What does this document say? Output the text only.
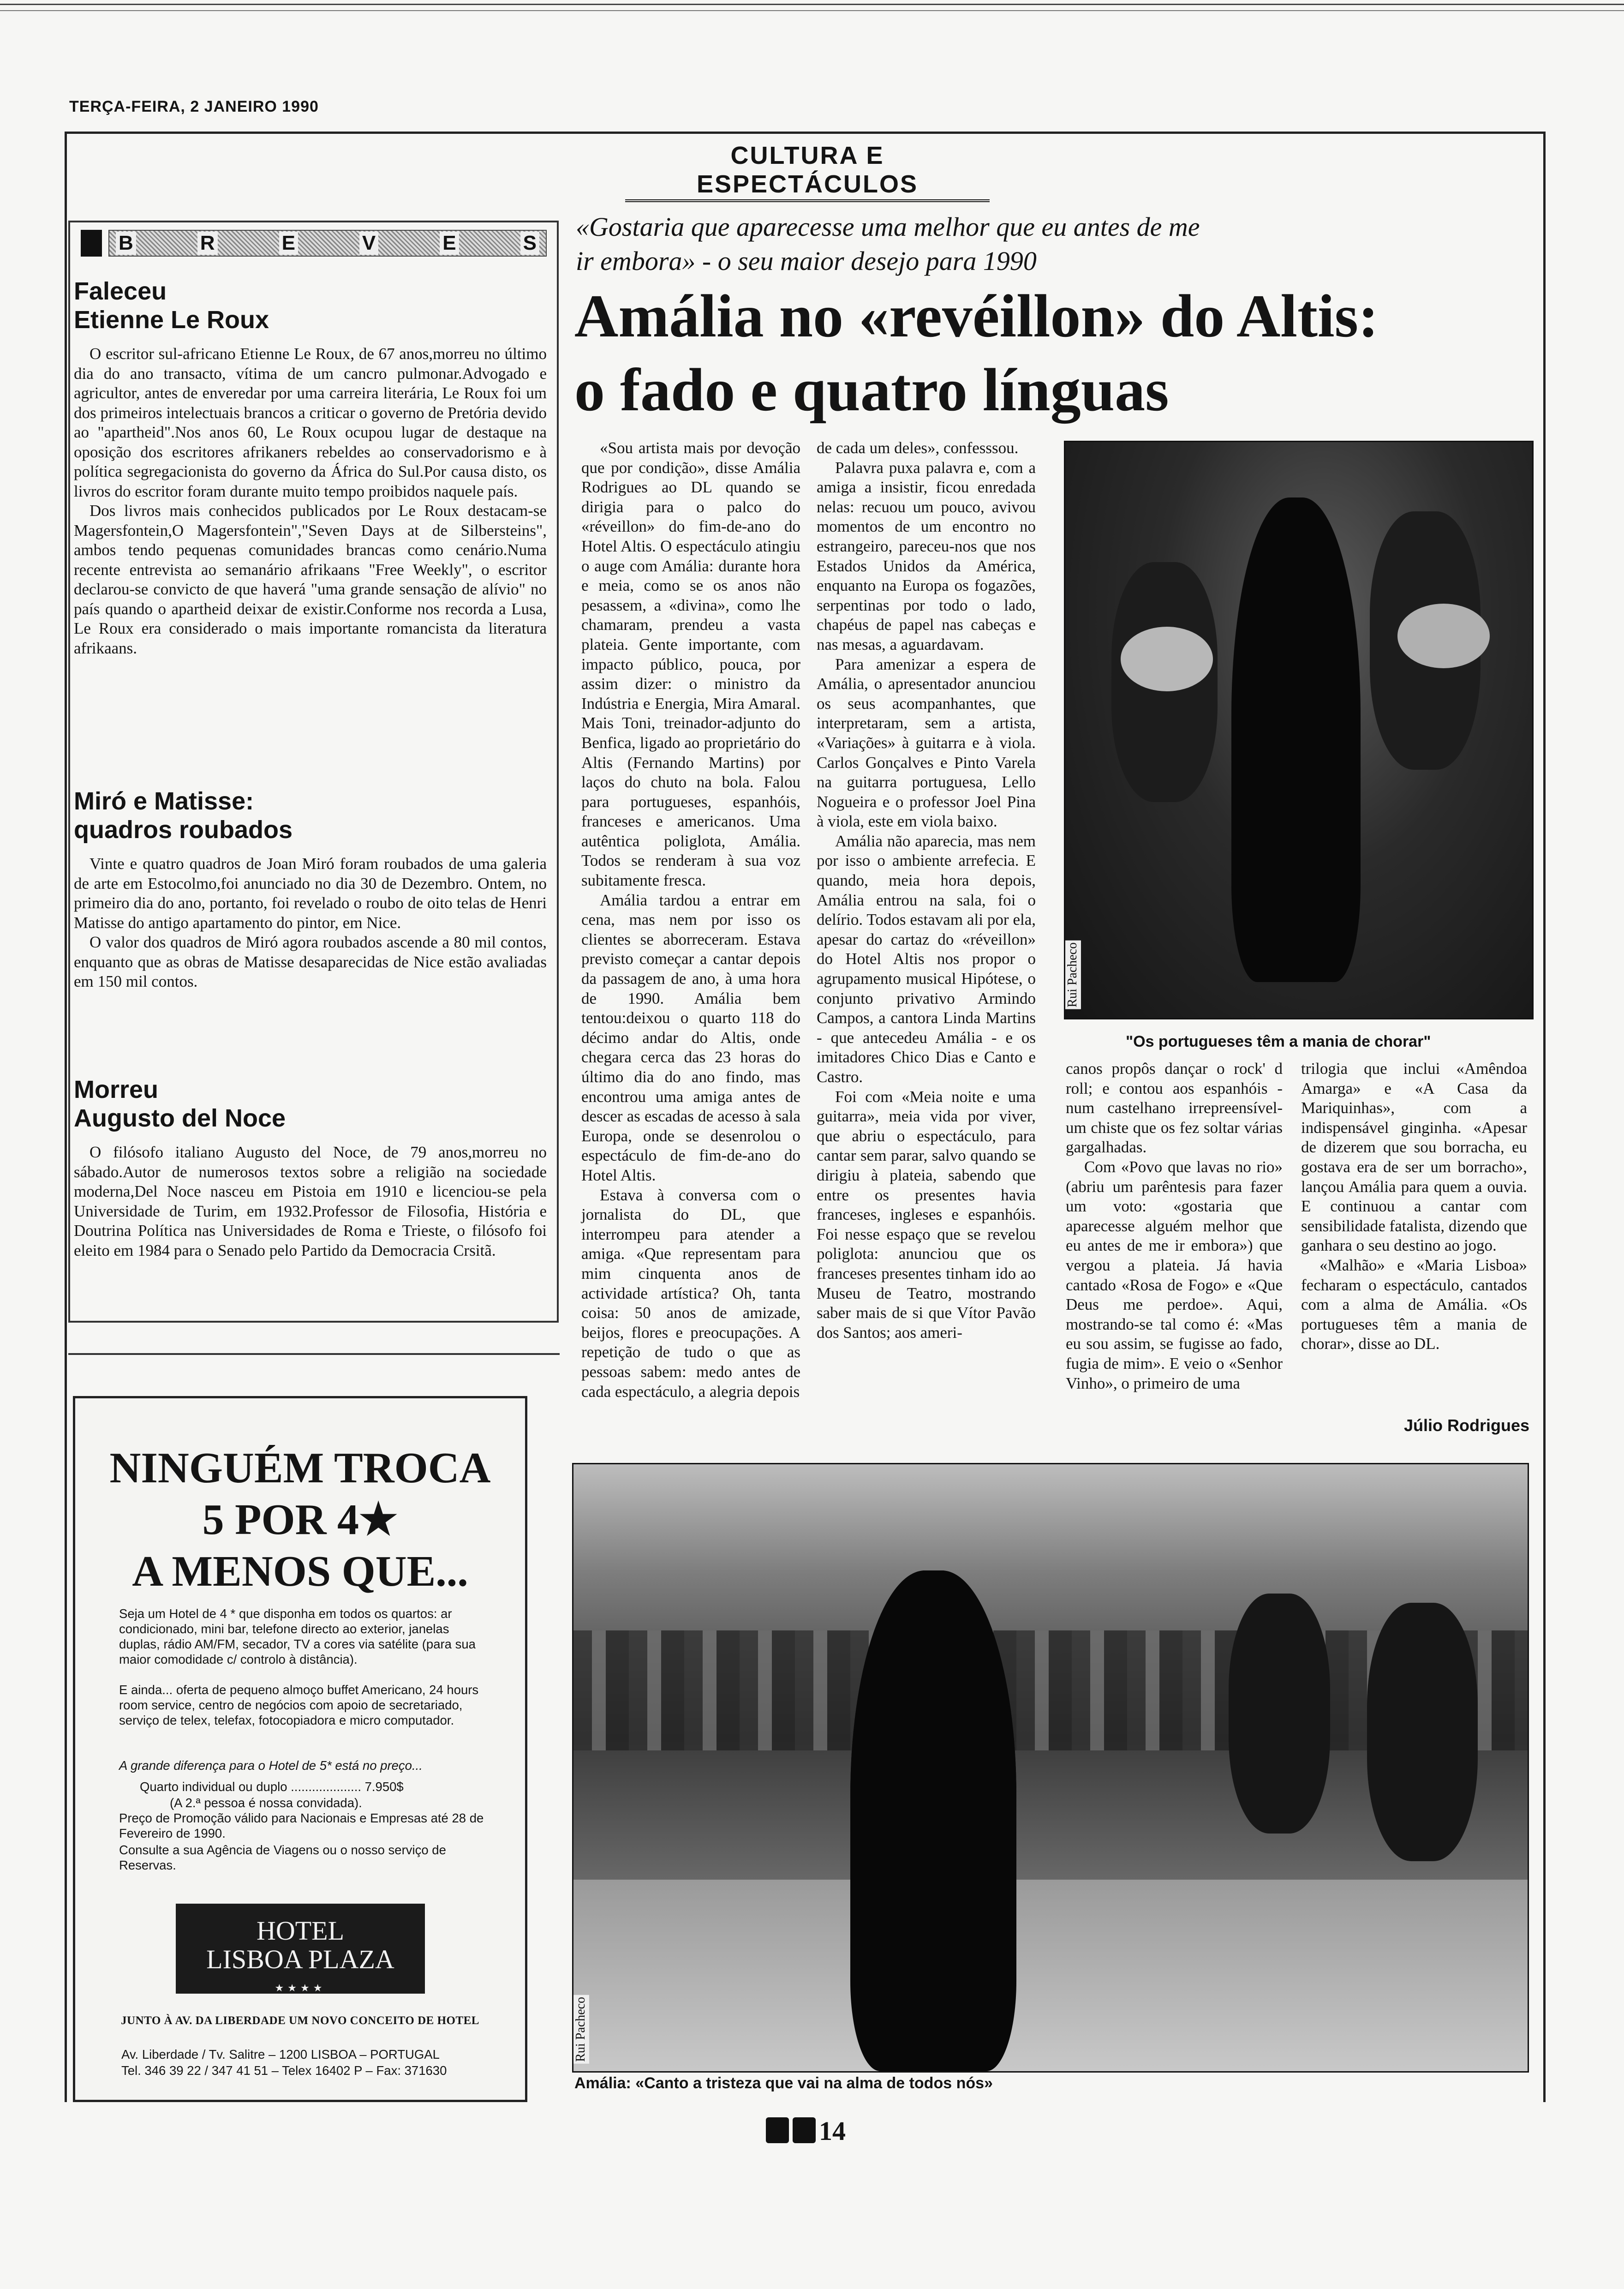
TERÇA-FEIRA, 2 JANEIRO 1990
CULTURA E ESPECTÁCULOS
B	R	E	V	E	S
Faleceu
Etienne Le Roux

O escritor sul-africano Etienne Le Roux, de 67 anos,morreu no último dia do ano transacto, vítima de um cancro pulmonar.Advogado e agricultor, antes de enveredar por uma carreira literária, Le Roux foi um dos primeiros intelectuais brancos a criticar o governo de Pretória devido ao "apartheid".Nos anos 60, Le Roux ocupou lugar de destaque na oposição dos escritores afrikaners rebeldes ao conservadorismo e à política segregacionista do governo da África do Sul.Por causa disto, os livros do escritor foram durante muito tempo proibidos naquele país.

Dos livros mais conhecidos publicados por Le Roux destacam-se Magersfontein,O Magersfontein","Seven Days at de Silbersteins", ambos tendo pequenas comunidades brancas como cenário.Numa recente entrevista ao semanário afrikaans "Free Weekly", o escritor declarou-se convicto de que haverá "uma grande sensação de alívio" no país quando o apartheid deixar de existir.Conforme nos recorda a Lusa, Le Roux era considerado o mais importante romancista da literatura afrikaans.

Miró e Matisse:
quadros roubados

Vinte e quatro quadros de Joan Miró foram roubados de uma galeria de arte em Estocolmo,foi anunciado no dia 30 de Dezembro. Ontem, no primeiro dia do ano, portanto, foi revelado o roubo de oito telas de Henri Matisse do antigo apartamento do pintor, em Nice.

O valor dos quadros de Miró agora roubados ascende a 80 mil contos, enquanto que as obras de Matisse desaparecidas de Nice estão avaliadas em 150 mil contos.

Morreu
Augusto del Noce

O filósofo italiano Augusto del Noce, de 79 anos,morreu no sábado.Autor de numerosos textos sobre a religião na sociedade moderna,Del Noce nasceu em Pistoia em 1910 e licenciou-se pela Universidade de Turim, em 1932.Professor de Filosofia, História e Doutrina Política nas Universidades de Roma e Trieste, o filósofo foi eleito em 1984 para o Senado pelo Partido da Democracia Crsitã.

NINGUÉM TROCA
5 POR 4★
A MENOS QUE...
Seja um Hotel de 4 * que disponha em todos os quartos: ar condicionado, mini bar, telefone directo ao exterior, janelas duplas, rádio AM/FM, secador, TV a cores via satélite (para sua maior comodidade c/ controlo à distância).
E ainda... oferta de pequeno almoço buffet Americano, 24 hours room service, centro de negócios com apoio de secretariado, serviço de telex, telefax, fotocopiadora e micro computador.
A grande diferença para o Hotel de 5* está no preço...
Quarto individual ou duplo .................... 7.950$
(A 2.ª pessoa é nossa convidada).
Preço de Promoção válido para Nacionais e Empresas até 28 de Fevereiro de 1990.
Consulte a sua Agência de Viagens ou o nosso serviço de Reservas.
HOTEL
LISBOA PLAZA
★★★★
JUNTO À AV. DA LIBERDADE UM NOVO CONCEITO DE HOTEL
Av. Liberdade / Tv. Salitre – 1200 LISBOA – PORTUGAL
Tel. 346 39 22 / 347 41 51 – Telex 16402 P – Fax: 371630
«Gostaria que aparecesse uma melhor que eu antes de me ir embora» - o seu maior desejo para 1990
Amália no «revéillon» do Altis:
o fado e quatro línguas

«Sou artista mais por devoção que por condição», disse Amália Rodrigues ao DL quando se dirigia para o palco do «réveillon» do fim-de-ano do Hotel Altis. O espectáculo atingiu o auge com Amália: durante hora e meia, como se os anos não pesassem, a «divina», como lhe chamaram, prendeu a vasta plateia. Gente importante, com impacto público, pouca, por assim dizer: o ministro da Indústria e Energia, Mira Amaral. Mais Toni, treinador-adjunto do Benfica, ligado ao proprietário do Altis (Fernando Martins) por laços do chuto na bola. Falou para portugueses, espanhóis, franceses e americanos. Uma autêntica poliglota, Amália. Todos se renderam à sua voz subitamente fresca.

Amália tardou a entrar em cena, mas nem por isso os clientes se aborreceram. Estava previsto começar a cantar depois da passagem de ano, à uma hora de 1990. Amália bem tentou:deixou o quarto 118 do décimo andar do Altis, onde chegara cerca das 23 horas do último dia do ano findo, mas encontrou uma amiga antes de descer as escadas de acesso à sala Europa, onde se desenrolou o espectáculo de fim-de-ano do Hotel Altis.

Estava à conversa com o jornalista do DL, que interrompeu para atender a amiga. «Que representam para mim cinquenta anos de actividade artística? Oh, tanta coisa: 50 anos de amizade, beijos, flores e preocupações. A repetição de tudo o que as pessoas sabem: medo antes de cada espectáculo, a alegria depois

de cada um deles», confesssou.

Palavra puxa palavra e, com a amiga a insistir, ficou enredada nelas: recuou um pouco, avivou momentos de um encontro no estrangeiro, pareceu-nos que nos Estados Unidos da América, enquanto na Europa os fogazões, serpentinas por todo o lado, chapéus de papel nas cabeças e nas mesas, a aguardavam.

Para amenizar a espera de Amália, o apresentador anunciou os seus acompanhantes, que interpretaram, sem a artista, «Variações» à guitarra e à viola. Carlos Gonçalves e Pinto Varela na guitarra portuguesa, Lello Nogueira e o professor Joel Pina à viola, este em viola baixo.

Amália não aparecia, mas nem por isso o ambiente arrefecia. E quando, meia hora depois, Amália entrou na sala, foi o delírio. Todos estavam ali por ela, apesar do cartaz do «réveillon» do Hotel Altis nos propor o agrupamento musical Hipótese, o conjunto privativo Armindo Campos, a cantora Linda Martins - que antecedeu Amália - e os imitadores Chico Dias e Canto e Castro.

Foi com «Meia noite e uma guitarra», meia vida por viver, que abriu o espectáculo, para cantar sem parar, salvo quando se dirigiu à plateia, sabendo que entre os presentes havia franceses, ingleses e espanhóis. Foi nesse espaço que se revelou poliglota: anunciou que os franceses presentes tinham ido ao Museu de Teatro, mostrando saber mais de si que Vítor Pavão dos Santos; aos ameri-

Rui Pacheco
"Os portugueses têm a mania de chorar"

canos propôs dançar o rock' d roll; e contou aos espanhóis - num castelhano irrepreensível- um chiste que os fez soltar várias gargalhadas.

Com «Povo que lavas no rio» (abriu um parêntesis para fazer um voto: «gostaria que aparecesse alguém melhor que eu antes de me ir embora») que vergou a plateia. Já havia cantado «Rosa de Fogo» e «Que Deus me perdoe». Aqui, mostrando-se tal como é: «Mas eu sou assim, se fugisse ao fado, fugia de mim». E veio o «Senhor Vinho», o primeiro de uma

trilogia que inclui «Amêndoa Amarga» e «A Casa da Mariquinhas», com a indispensável ginginha. «Apesar de dizerem que sou borracha, eu gostava era de ser um borracho», lançou Amália para quem a ouvia. E continuou a cantar com sensibilidade fatalista, dizendo que ganhara o seu destino ao jogo.

«Malhão» e «Maria Lisboa» fecharam o espectáculo, cantados com a alma de Amália. «Os portugueses têm a mania de chorar», disse ao DL.

Júlio Rodrigues
Rui Pacheco
Amália: «Canto a tristeza que vai na alma de todos nós»
14
